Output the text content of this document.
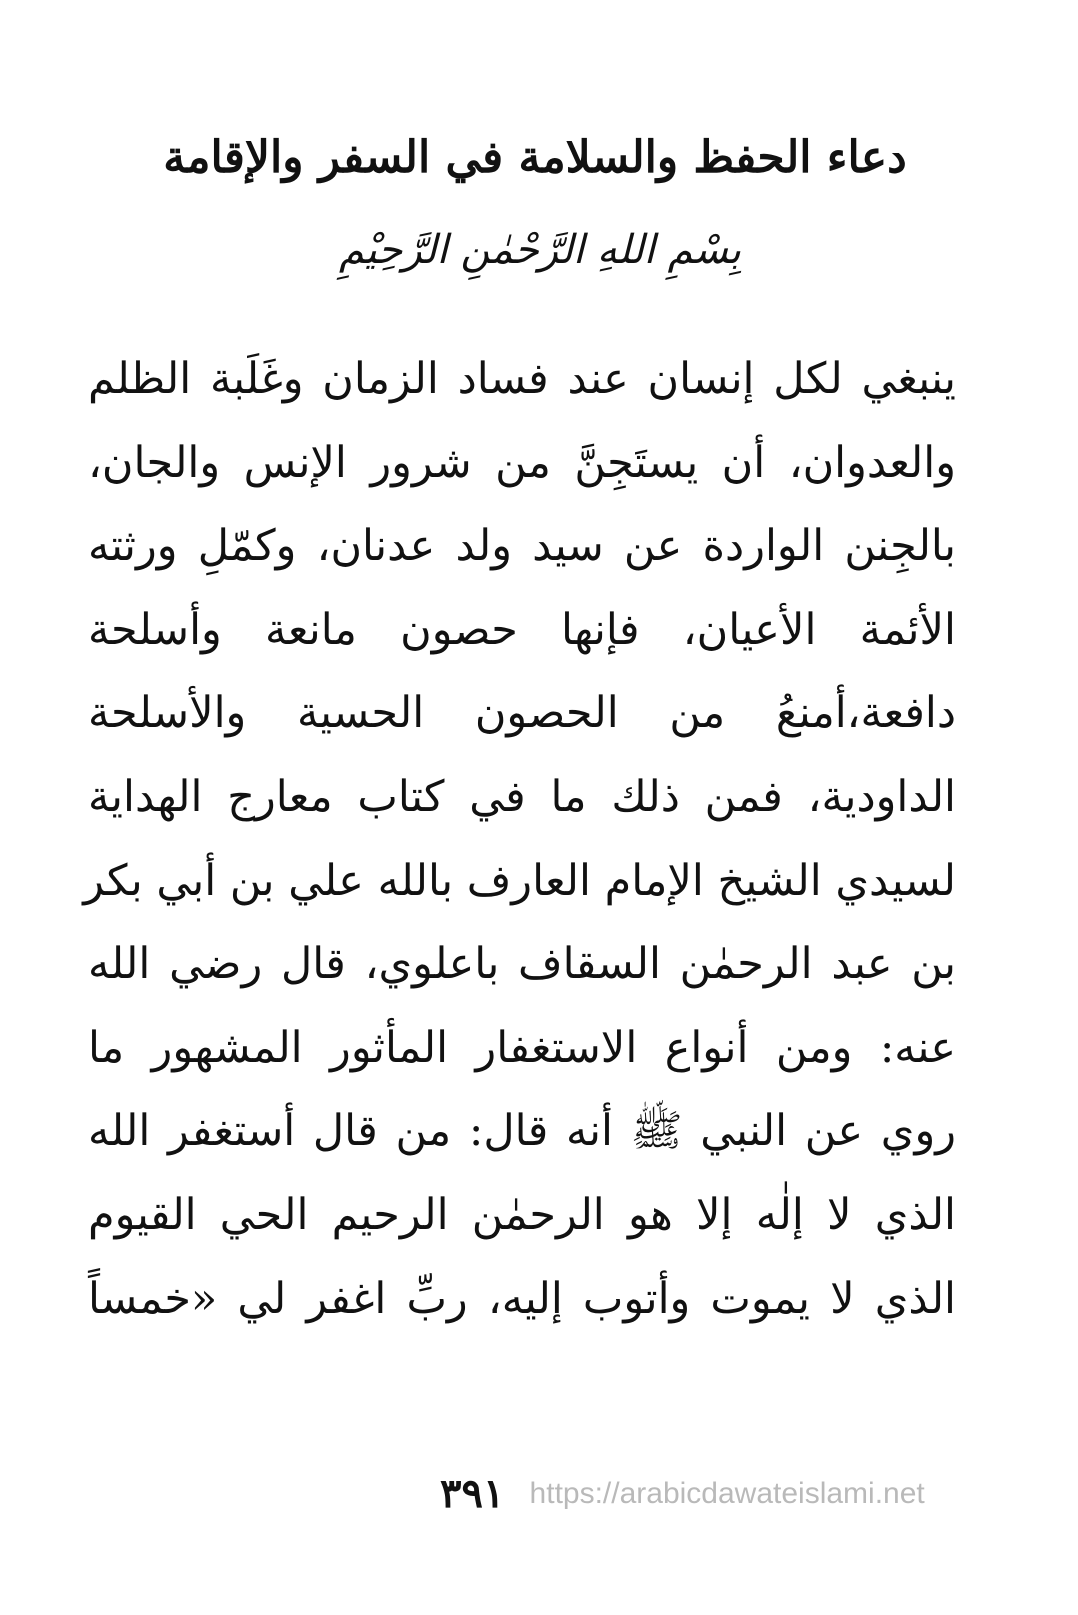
دعاء الحفظ والسلامة في السفر والإقامة
بِسْمِ اللهِ الرَّحْمٰنِ الرَّحِيْمِ
ينبغي لكل إنسان عند فساد الزمان وغَلَبة الظلم
والعدوان، أن يستَجِنَّ من شرور الإنس والجان،
بالجِنن الواردة عن سيد ولد عدنان، وكمّلِ ورثته
الأئمة الأعيان، فإنها حصون مانعة وأسلحة
دافعة،أمنعُ من الحصون الحسية والأسلحة
الداودية، فمن ذلك ما في كتاب معارج الهداية
لسيدي الشيخ الإمام العارف بالله علي بن أبي بكر
بن عبد الرحمٰن السقاف باعلوي، قال رضي الله
عنه: ومن أنواع الاستغفار المأثور المشهور ما
روي عن النبي ﷺ أنه قال: من قال أستغفر الله
الذي لا إلٰه إلا هو الرحمٰن الرحيم الحي القيوم
الذي لا يموت وأتوب إليه، ربِّ اغفر لي «خمساً
٣٩١ https://arabicdawateislami.net
